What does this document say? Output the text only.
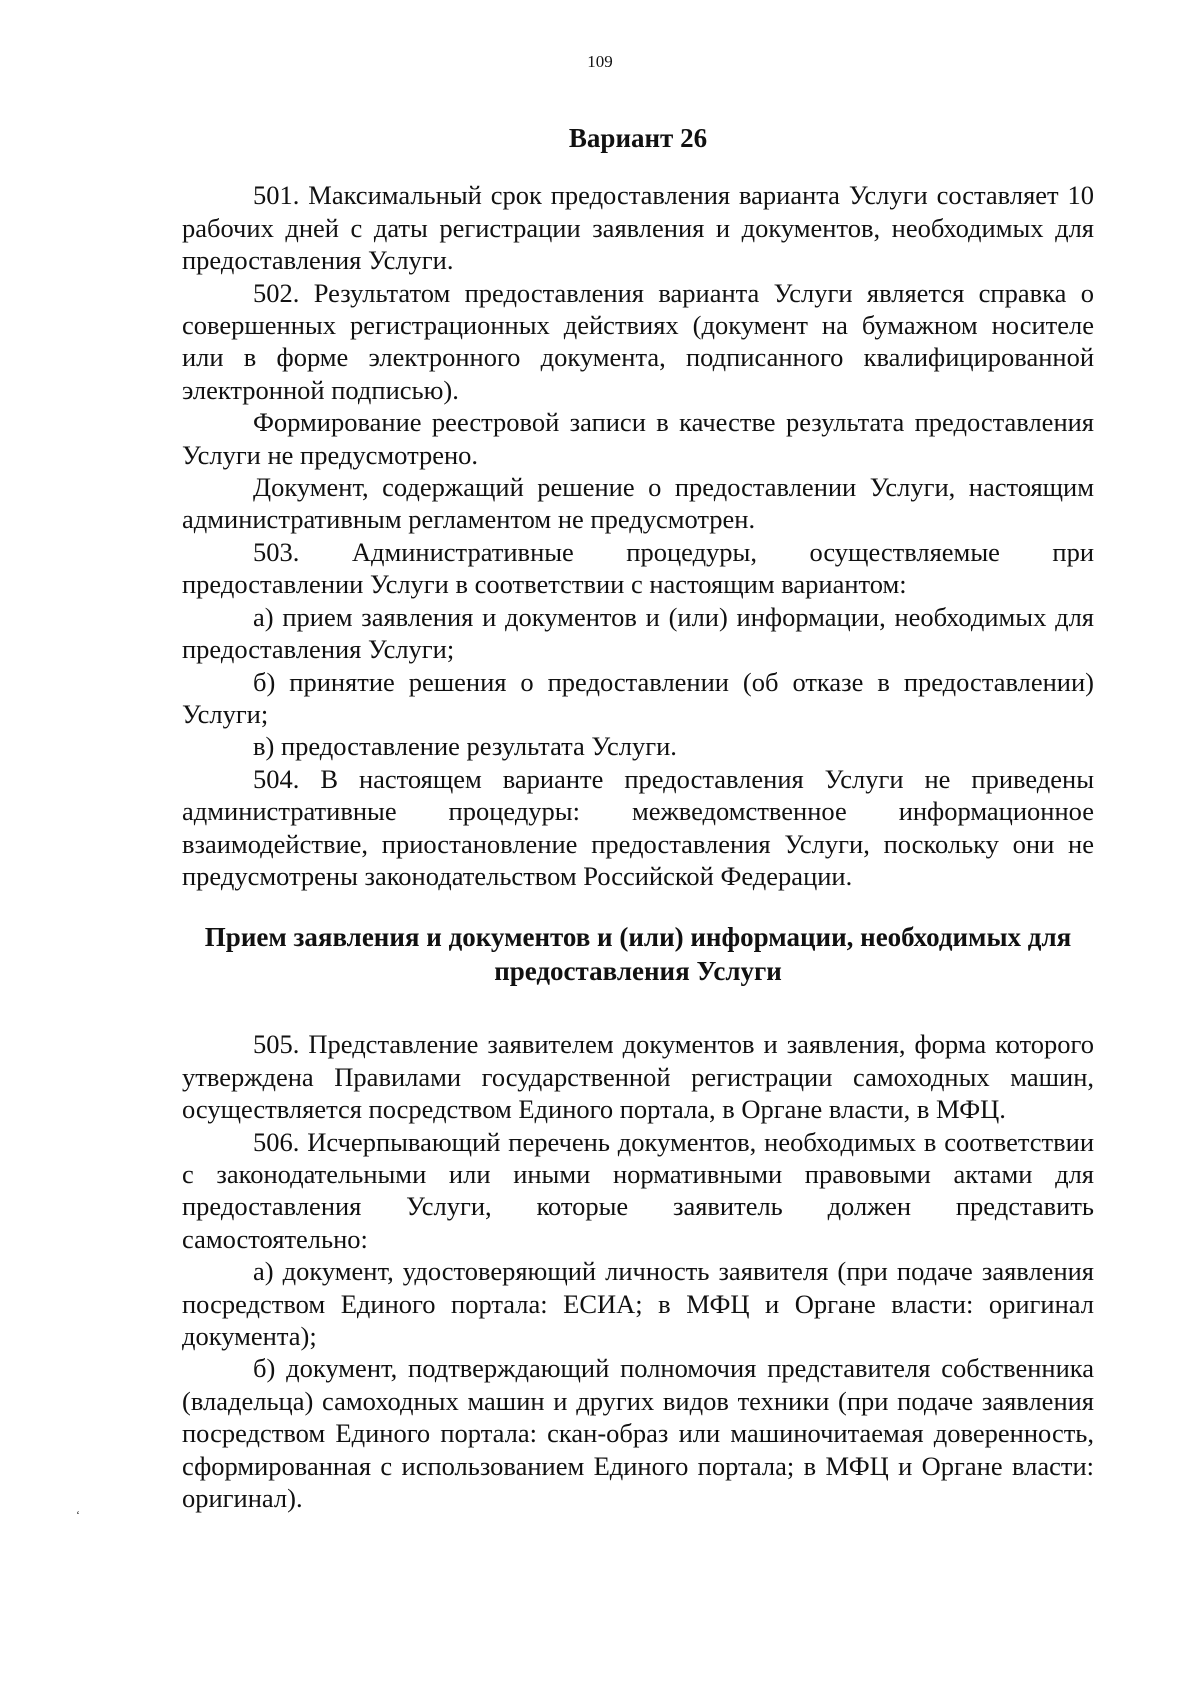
109

Вариант 26

501. Максимальный срок предоставления варианта Услуги составляет 10 рабочих дней с даты регистрации заявления и документов, необходимых для предоставления Услуги.

502. Результатом предоставления варианта Услуги является справка о совершенных регистрационных действиях (документ на бумажном носителе или в форме электронного документа, подписанного квалифицированной электронной подписью).

Формирование реестровой записи в качестве результата предоставления Услуги не предусмотрено.

Документ, содержащий решение о предоставлении Услуги, настоящим административным регламентом не предусмотрен.

503. Административные процедуры, осуществляемые при предоставлении Услуги в соответствии с настоящим вариантом:

а) прием заявления и документов и (или) информации, необходимых для предоставления Услуги;

б) принятие решения о предоставлении (об отказе в предоставлении) Услуги;

в) предоставление результата Услуги.

504. В настоящем варианте предоставления Услуги не приведены административные процедуры: межведомственное информационное взаимодействие, приостановление предоставления Услуги, поскольку они не предусмотрены законодательством Российской Федерации.

Прием заявления и документов и (или) информации, необходимых для предоставления Услуги

505. Представление заявителем документов и заявления, форма которого утверждена Правилами государственной регистрации самоходных машин, осуществляется посредством Единого портала, в Органе власти, в МФЦ.

506. Исчерпывающий перечень документов, необходимых в соответствии с законодательными или иными нормативными правовыми актами для предоставления Услуги, которые заявитель должен представить самостоятельно:

а) документ, удостоверяющий личность заявителя (при подаче заявления посредством Единого портала: ЕСИА; в МФЦ и Органе власти: оригинал документа);

б) документ, подтверждающий полномочия представителя собственника (владельца) самоходных машин и других видов техники (при подаче заявления посредством Единого портала: скан-образ или машиночитаемая доверенность, сформированная с использованием Единого портала; в МФЦ и Органе власти: оригинал).

ʻ
